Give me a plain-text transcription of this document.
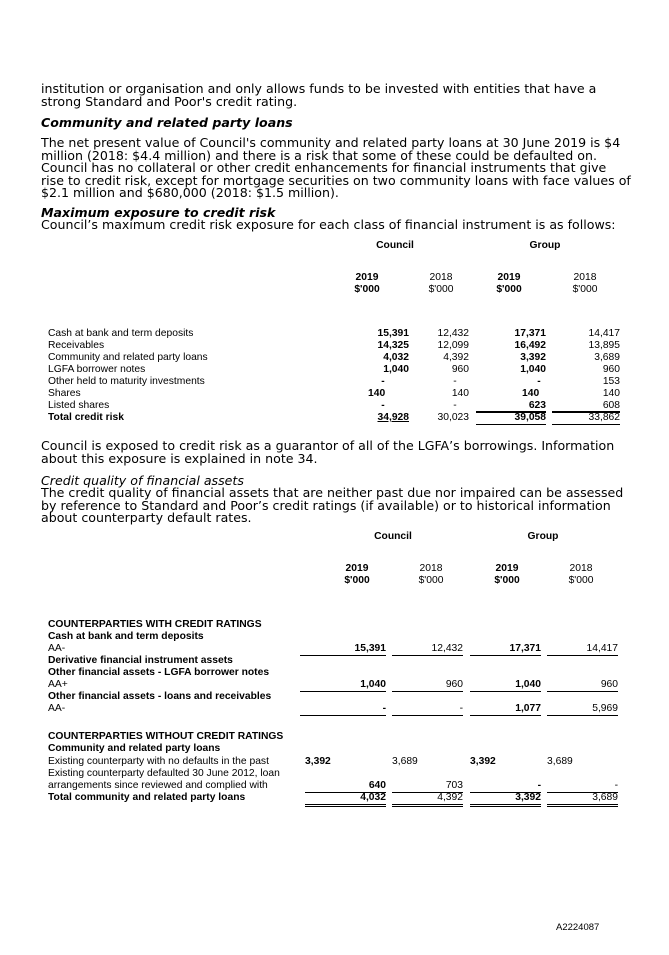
institution or organisation and only allows funds to be invested with entities that have a strong Standard and Poor's credit rating.
Community and related party loans
The net present value of Council's community and related party loans at 30 June 2019 is $4 million (2018: $4.4 million) and there is a risk that some of these could be defaulted on. Council has no collateral or other credit enhancements for financial instruments that give rise to credit risk, except for mortgage securities on two community loans with face values of $2.1 million and $680,000 (2018: $1.5 million).
Maximum exposure to credit risk
Council’s maximum credit risk exposure for each class of financial instrument is as follows:
Council	Group
2019	2018	2019	2018
$'000	$'000	$'000	$'000
Cash at bank and term deposits	15,391	12,432	17,371	14,417
Receivables	14,325	12,099	16,492	13,895
Community and related party loans	4,032	4,392	3,392	3,689
LGFA borrower notes	1,040	960	1,040	960
Other held to maturity investments	-	-	-	153
Shares	140	140	140	140
Listed shares	-	-	623	608
Total credit risk	34,928	30,023	39,058	33,862
Council is exposed to credit risk as a guarantor of all of the LGFA’s borrowings. Information about this exposure is explained in note 34.
Credit quality of financial assets
The credit quality of financial assets that are neither past due nor impaired can be assessed by reference to Standard and Poor’s credit ratings (if available) or to historical information about counterparty default rates.
Council	Group
2019	2018	2019	2018
$'000	$'000	$'000	$'000
COUNTERPARTIES WITH CREDIT RATINGS
Cash at bank and term deposits
AA-	15,391	12,432	17,371	14,417
Derivative financial instrument assets
Other financial assets - LGFA borrower notes
AA+	1,040	960	1,040	960
Other financial assets - loans and receivables
AA-	-	-	1,077	5,969
COUNTERPARTIES WITHOUT CREDIT RATINGS
Community and related party loans
Existing counterparty with no defaults in the past	3,392	3,689	3,392	3,689
Existing counterparty defaulted 30 June 2012, loan
arrangements since reviewed and complied with	640	703	-	-
Total community and related party loans	4,032	4,392	3,392	3,689
A2224087
